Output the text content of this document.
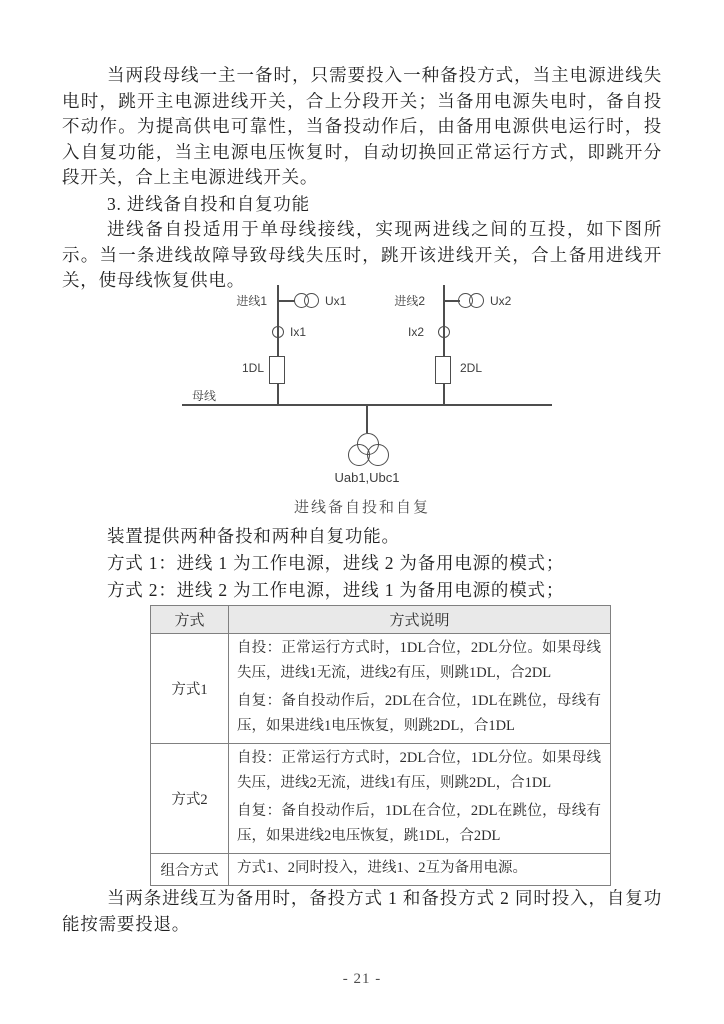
当两段母线一主一备时，只需要投入一种备投方式，当主电源进线失电时，跳开主电源进线开关，合上分段开关；当备用电源失电时，备自投不动作。为提高供电可靠性，当备投动作后，由备用电源供电运行时，投入自复功能，当主电源电压恢复时，自动切换回正常运行方式，即跳开分段开关，合上主电源进线开关。

3. 进线备自投和自复功能

进线备自投适用于单母线接线，实现两进线之间的互投，如下图所示。当一条进线故障导致母线失压时，跳开该进线开关，合上备用进线开关，使母线恢复供电。

进线1	Ux1
Ix1
1DL
进线2	Ux2
Ix2
2DL
母线
Uab1,Ubc1

进线备自投和自复

装置提供两种备投和两种自复功能。

方式 1：进线 1 为工作电源，进线 2 为备用电源的模式；

方式 2：进线 2 为工作电源，进线 1 为备用电源的模式；

方式	方式说明
方式1	自投：正常运行方式时，1DL合位，2DL分位。如果母线失压，进线1无流，进线2有压，则跳1DL，合2DL
自复：备自投动作后，2DL在合位，1DL在跳位，母线有压，如果进线1电压恢复，则跳2DL，合1DL

方式2	自投：正常运行方式时，2DL合位，1DL分位。如果母线失压，进线2无流，进线1有压，则跳2DL，合1DL
自复：备自投动作后，1DL在合位，2DL在跳位，母线有压，如果进线2电压恢复，跳1DL，合2DL

组合方式	方式1、2同时投入，进线1、2互为备用电源。

当两条进线互为备用时，备投方式 1 和备投方式 2 同时投入，自复功能按需要投退。

- 21 -
